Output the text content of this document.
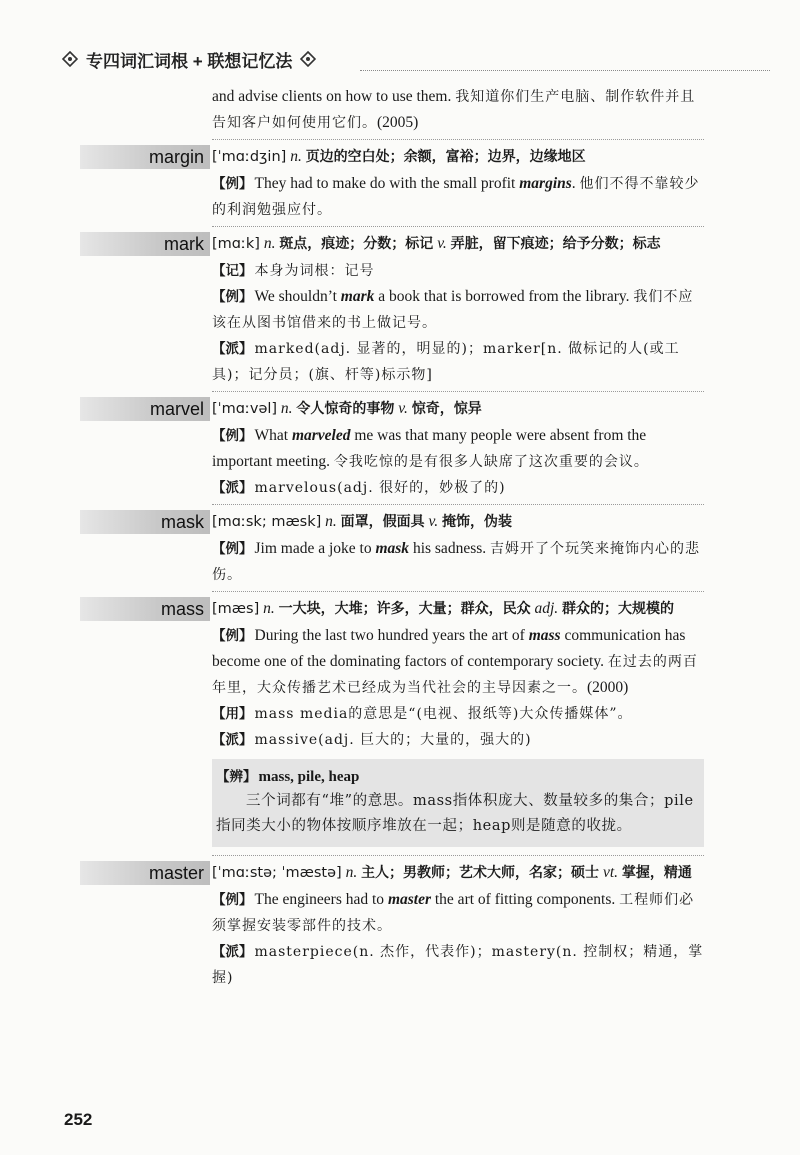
专四词汇词根 + 联想记忆法
and advise clients on how to use them. 我知道你们生产电脑、制作软件并且告知客户如何使用它们。(2005)
margin [ˈmɑːdʒin] n. 页边的空白处；余额，富裕；边界，边缘地区
【例】 They had to make do with the small profit margins. 他们不得不靠较少的利润勉强应付。
mark [mɑːk] n. 斑点，痕迹；分数；标记 v. 弄脏，留下痕迹；给予分数；标志
【记】 本身为词根：记号
【例】 We shouldn’t mark a book that is borrowed from the library. 我们不应该在从图书馆借来的书上做记号。
【派】 marked(adj. 显著的，明显的)；marker[n. 做标记的人(或工具)；记分员；(旗、杆等)标示物]
marvel [ˈmɑːvəl] n. 令人惊奇的事物 v. 惊奇，惊异
【例】 What marveled me was that many people were absent from the important meeting. 令我吃惊的是有很多人缺席了这次重要的会议。
【派】 marvelous(adj. 很好的，妙极了的)
mask [mɑːsk; mæsk] n. 面罩，假面具 v. 掩饰，伪装
【例】 Jim made a joke to mask his sadness. 吉姆开了个玩笑来掩饰内心的悲伤。
mass [mæs] n. 一大块，大堆；许多，大量；群众，民众 adj. 群众的；大规模的
【例】 During the last two hundred years the art of mass communication has become one of the dominating factors of contemporary society. 在过去的两百年里，大众传播艺术已经成为当代社会的主导因素之一。(2000)
【用】 mass media的意思是“(电视、报纸等)大众传播媒体”。
【派】 massive(adj. 巨大的；大量的，强大的)
【辨】 mass, pile, heap
三个词都有“堆”的意思。mass指体积庞大、数量较多的集合；pile指同类大小的物体按顺序堆放在一起；heap则是随意的收拢。
master [ˈmɑːstə; ˈmæstə] n. 主人；男教师；艺术大师，名家；硕士 vt. 掌握，精通
【例】 The engineers had to master the art of fitting components. 工程师们必须掌握安装零部件的技术。
【派】 masterpiece(n. 杰作，代表作)；mastery(n. 控制权；精通，掌握)
252
